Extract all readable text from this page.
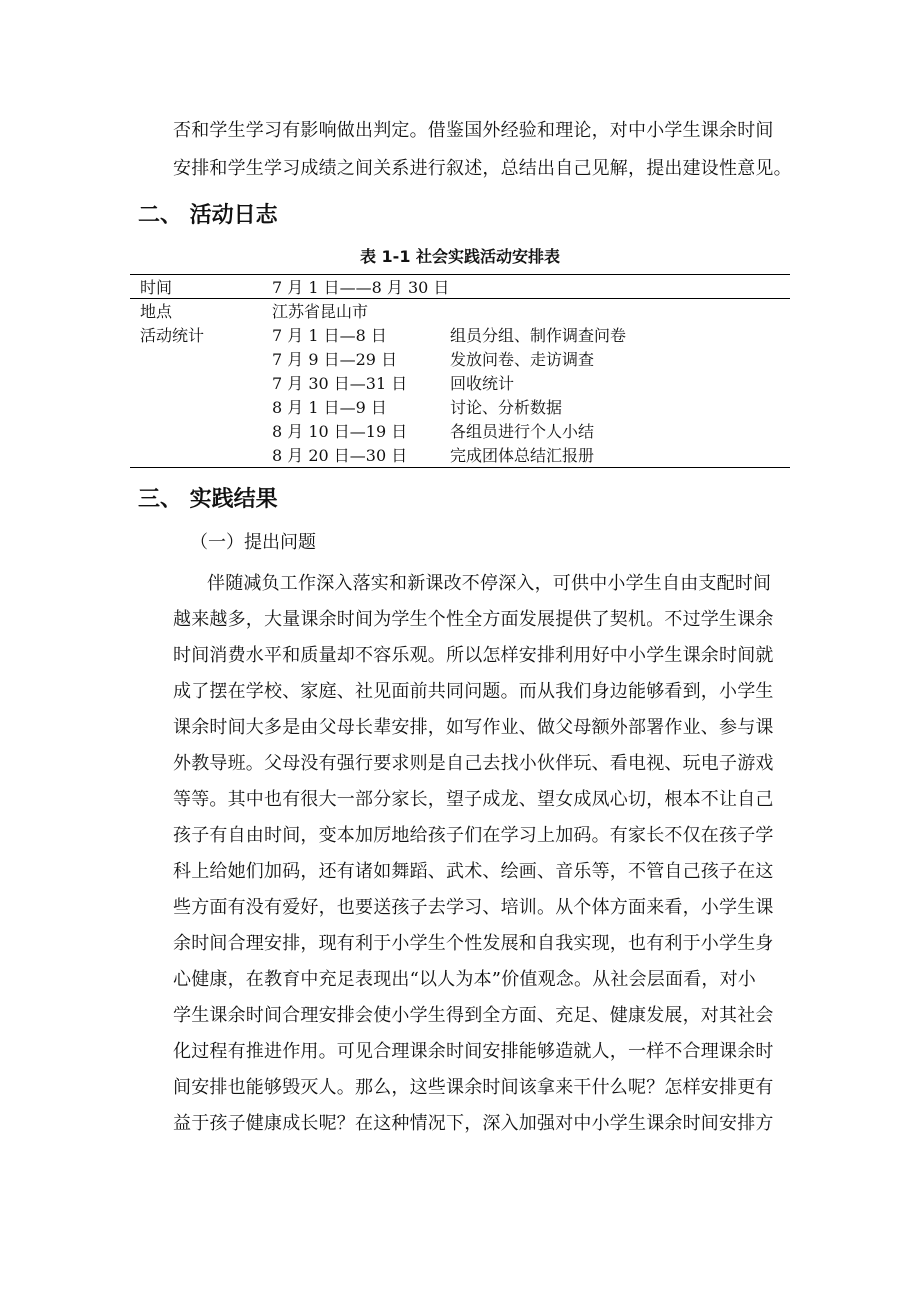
否和学生学习有影响做出判定。借鉴国外经验和理论，对中小学生课余时间
安排和学生学习成绩之间关系进行叙述，总结出自己见解，提出建设性意见。
二、 活动日志
表 1-1 社会实践活动安排表
时间	7 月 1 日——8 月 30 日
地点	江苏省昆山市
活动统计	7 月 1 日—8 日	组员分组、制作调查问卷
7 月 9 日—29 日	发放问卷、走访调查
7 月 30 日—31 日	回收统计
8 月 1 日—9 日	讨论、分析数据
8 月 10 日—19 日	各组员进行个人小结
8 月 20 日—30 日	完成团体总结汇报册
三、 实践结果
（一）提出问题
伴随减负工作深入落实和新课改不停深入，可供中小学生自由支配时间
越来越多，大量课余时间为学生个性全方面发展提供了契机。不过学生课余
时间消费水平和质量却不容乐观。所以怎样安排利用好中小学生课余时间就
成了摆在学校、家庭、社见面前共同问题。而从我们身边能够看到，小学生
课余时间大多是由父母长辈安排，如写作业、做父母额外部署作业、参与课
外教导班。父母没有强行要求则是自己去找小伙伴玩、看电视、玩电子游戏
等等。其中也有很大一部分家长，望子成龙、望女成凤心切，根本不让自己
孩子有自由时间，变本加厉地给孩子们在学习上加码。有家长不仅在孩子学
科上给她们加码，还有诸如舞蹈、武术、绘画、音乐等，不管自己孩子在这
些方面有没有爱好，也要送孩子去学习、培训。从个体方面来看，小学生课
余时间合理安排，现有利于小学生个性发展和自我实现，也有利于小学生身
心健康，在教育中充足表现出“以人为本”价值观念。从社会层面看，对小
学生课余时间合理安排会使小学生得到全方面、充足、健康发展，对其社会
化过程有推进作用。可见合理课余时间安排能够造就人，一样不合理课余时
间安排也能够毁灭人。那么，这些课余时间该拿来干什么呢？怎样安排更有
益于孩子健康成长呢？在这种情况下，深入加强对中小学生课余时间安排方
